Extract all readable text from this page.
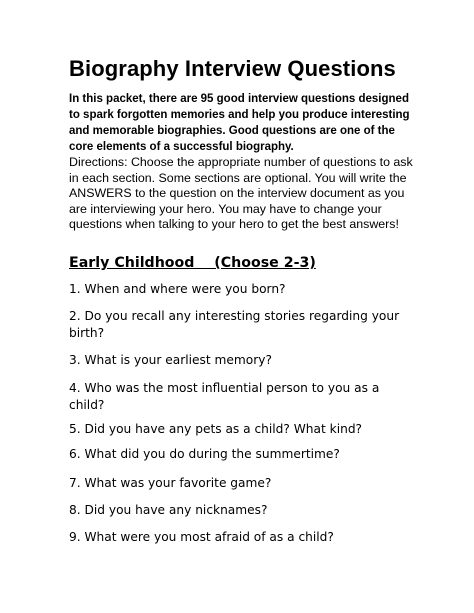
Biography Interview Questions
In this packet, there are 95 good interview questions designed to spark forgotten memories and help you produce interesting and memorable biographies. Good questions are one of the core elements of a successful biography.
Directions: Choose the appropriate number of questions to ask in each section. Some sections are optional. You will write the ANSWERS to the question on the interview document as you are interviewing your hero. You may have to change your questions when talking to your hero to get the best answers!
Early Childhood    (Choose 2-3)
1. When and where were you born?
2. Do you recall any interesting stories regarding your birth?
3. What is your earliest memory?
4. Who was the most influential person to you as a child?
5. Did you have any pets as a child? What kind?
6. What did you do during the summertime?
7. What was your favorite game?
8. Did you have any nicknames?
9. What were you most afraid of as a child?
